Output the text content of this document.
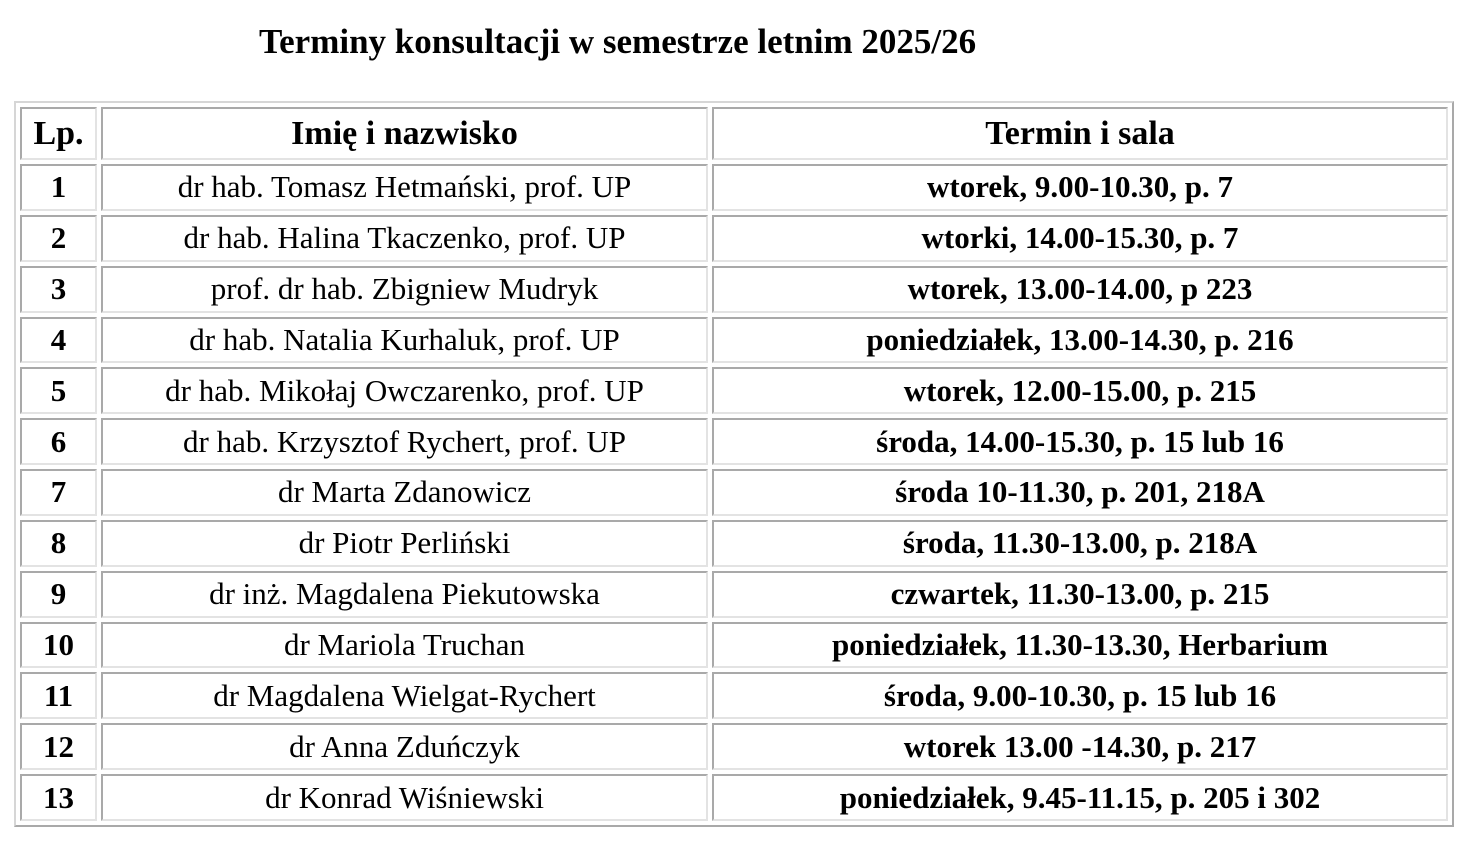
Terminy konsultacji w semestrze letnim 2025/26
Lp.	Imię i nazwisko	Termin i sala
1	dr hab. Tomasz Hetmański, prof. UP	wtorek, 9.00-10.30, p. 7
2	dr hab. Halina Tkaczenko, prof. UP	wtorki, 14.00-15.30, p. 7
3	prof. dr hab. Zbigniew Mudryk	wtorek, 13.00-14.00, p 223
4	dr hab. Natalia Kurhaluk, prof. UP	poniedziałek, 13.00-14.30, p. 216
5	dr hab. Mikołaj Owczarenko, prof. UP	wtorek, 12.00-15.00, p. 215
6	dr hab. Krzysztof Rychert, prof. UP	środa, 14.00-15.30, p. 15 lub 16
7	dr Marta Zdanowicz	środa 10-11.30, p. 201, 218A
8	dr Piotr Perliński	środa, 11.30-13.00, p. 218A
9	dr inż. Magdalena Piekutowska	czwartek, 11.30-13.00, p. 215
10	dr Mariola Truchan	poniedziałek, 11.30-13.30, Herbarium
11	dr Magdalena Wielgat-Rychert	środa, 9.00-10.30, p. 15 lub 16
12	dr Anna Zduńczyk	wtorek 13.00 -14.30, p. 217
13	dr Konrad Wiśniewski	poniedziałek, 9.45-11.15, p. 205 i 302
